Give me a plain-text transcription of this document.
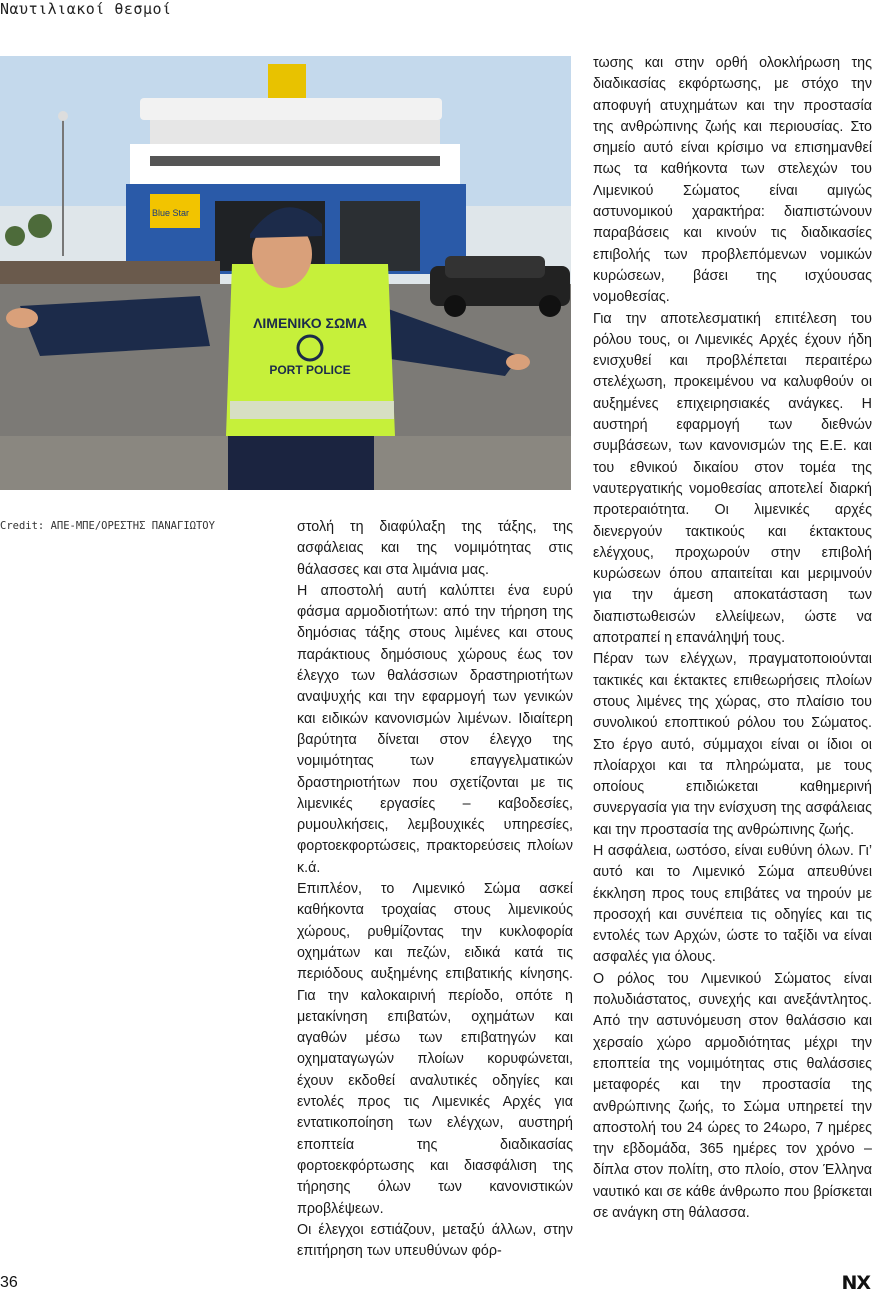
Ναυτιλιακοί θεσμοί
Blue Star
ΛΙΜΕΝΙΚΟ ΣΩΜΑ
PORT POLICE
Credit: ΑΠΕ-ΜΠΕ/ΟΡΕΣΤΗΣ ΠΑΝΑΓΙΩΤΟΥ	στολή τη διαφύλαξη της τάξης, της ασφάλειας και της νομιμότητας στις θάλασσες και στα λιμάνια μας.

Η αποστολή αυτή καλύπτει ένα ευρύ φάσμα αρμοδιοτήτων: από την τήρηση της δημόσιας τάξης στους λιμένες και στους παράκτιους δημόσιους χώρους έως τον έλεγχο των θαλάσσιων δραστηριοτήτων αναψυχής και την εφαρμογή των γενικών και ειδικών κανονισμών λιμένων. Ιδιαίτερη βαρύτητα δίνεται στον έλεγχο της νομιμότητας των επαγγελματικών δραστηριοτήτων που σχετίζονται με τις λιμενικές εργασίες – καβοδεσίες, ρυμουλκήσεις, λεμβουχικές υπηρεσίες, φορτοεκφορτώσεις, πρακτορεύσεις πλοίων κ.ά.

Επιπλέον, το Λιμενικό Σώμα ασκεί καθήκοντα τροχαίας στους λιμενικούς χώρους, ρυθμίζοντας την κυκλοφορία οχημάτων και πεζών, ειδικά κατά τις περιόδους αυξημένης επιβατικής κίνησης. Για την καλοκαιρινή περίοδο, οπότε η μετακίνηση επιβατών, οχημάτων και αγαθών μέσω των επιβατηγών και οχηματαγωγών πλοίων κορυφώνεται, έχουν εκδοθεί αναλυτικές οδηγίες και εντολές προς τις Λιμενικές Αρχές για εντατικοποίηση των ελέγχων, αυστηρή εποπτεία της διαδικασίας φορτοεκφόρτωσης και διασφάλιση της τήρησης όλων των κανονιστικών προβλέψεων.

Οι έλεγχοι εστιάζουν, μεταξύ άλλων, στην επιτήρηση των υπευθύνων φόρ-

τωσης και στην ορθή ολοκλήρωση της διαδικασίας εκφόρτωσης, με στόχο την αποφυγή ατυχημάτων και την προστασία της ανθρώπινης ζωής και περιουσίας. Στο σημείο αυτό είναι κρίσιμο να επισημανθεί πως τα καθήκοντα των στελεχών του Λιμενικού Σώματος είναι αμιγώς αστυνομικού χαρακτήρα: διαπιστώνουν παραβάσεις και κινούν τις διαδικασίες επιβολής των προβλεπόμενων νομικών κυρώσεων, βάσει της ισχύουσας νομοθεσίας.

Για την αποτελεσματική επιτέλεση του ρόλου τους, οι Λιμενικές Αρχές έχουν ήδη ενισχυθεί και προβλέπεται περαιτέρω στελέχωση, προκειμένου να καλυφθούν οι αυξημένες επιχειρησιακές ανάγκες. Η αυστηρή εφαρμογή των διεθνών συμβάσεων, των κανονισμών της Ε.Ε. και του εθνικού δικαίου στον τομέα της ναυτεργατικής νομοθεσίας αποτελεί διαρκή προτεραιότητα. Οι λιμενικές αρχές διενεργούν τακτικούς και έκτακτους ελέγχους, προχωρούν στην επιβολή κυρώσεων όπου απαιτείται και μεριμνούν για την άμεση αποκατάσταση των διαπιστωθεισών ελλείψεων, ώστε να αποτραπεί η επανάληψή τους.

Πέραν των ελέγχων, πραγματοποιούνται τακτικές και έκτακτες επιθεωρήσεις πλοίων στους λιμένες της χώρας, στο πλαίσιο του συνολικού εποπτικού ρόλου του Σώματος. Στο έργο αυτό, σύμμαχοι είναι οι ίδιοι οι πλοίαρχοι και τα πληρώματα, με τους οποίους επιδιώκεται καθημερινή συνεργασία για την ενίσχυση της ασφάλειας και την προστασία της ανθρώπινης ζωής.

Η ασφάλεια, ωστόσο, είναι ευθύνη όλων. Γι’ αυτό και το Λιμενικό Σώμα απευθύνει έκκληση προς τους επιβάτες να τηρούν με προσοχή και συνέπεια τις οδηγίες και τις εντολές των Αρχών, ώστε το ταξίδι να είναι ασφαλές για όλους.

Ο ρόλος του Λιμενικού Σώματος είναι πολυδιάστατος, συνεχής και ανεξάντλητος. Από την αστυνόμευση στον θαλάσσιο και χερσαίο χώρο αρμοδιότητας μέχρι την εποπτεία της νομιμότητας στις θαλάσσιες μεταφορές και την προστασία της ανθρώπινης ζωής, το Σώμα υπηρετεί την αποστολή του 24 ώρες το 24ωρο, 7 ημέρες την εβδομάδα, 365 ημέρες τον χρόνο – δίπλα στον πολίτη, στο πλοίο, στον Έλληνα ναυτικό και σε κάθε άνθρωπο που βρίσκεται σε ανάγκη στη θάλασσα.

36	NX
